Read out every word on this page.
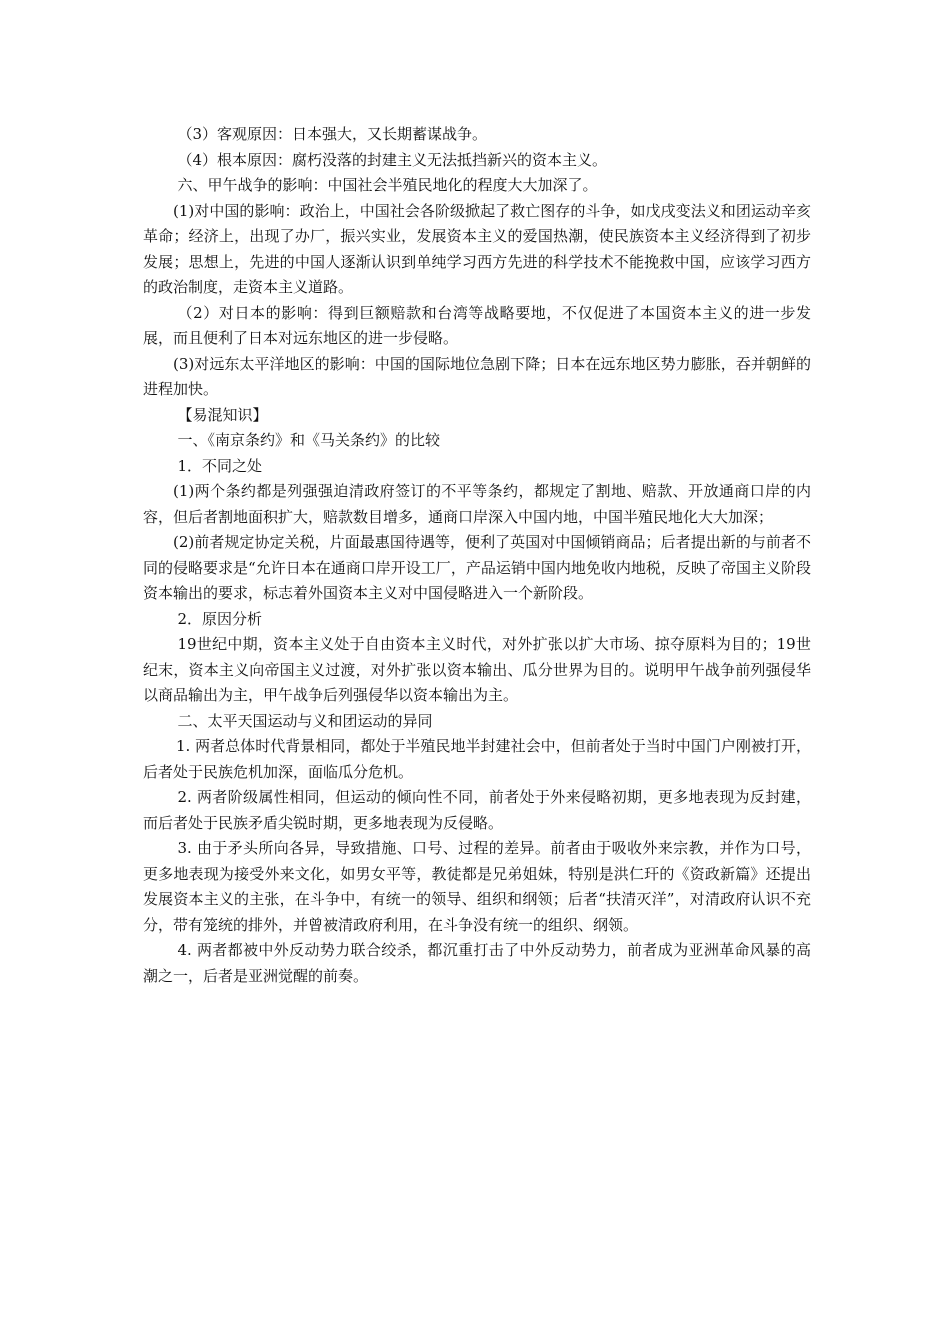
（3）客观原因：日本强大，又长期蓄谋战争。

（4）根本原因：腐朽没落的封建主义无法抵挡新兴的资本主义。

六、甲午战争的影响：中国社会半殖民地化的程度大大加深了。

(1)对中国的影响：政治上，中国社会各阶级掀起了救亡图存的斗争，如戊戌变法义和团运动辛亥革命；经济上，出现了办厂，振兴实业，发展资本主义的爱国热潮，使民族资本主义经济得到了初步发展；思想上，先进的中国人逐渐认识到单纯学习西方先进的科学技术不能挽救中国，应该学习西方的政治制度，走资本主义道路。

（2）对日本的影响：得到巨额赔款和台湾等战略要地，不仅促进了本国资本主义的进一步发展，而且便利了日本对远东地区的进一步侵略。

(3)对远东太平洋地区的影响：中国的国际地位急剧下降；日本在远东地区势力膨胀，吞并朝鲜的进程加快。

【易混知识】

一、《南京条约》和《马关条约》的比较

1．不同之处

(1)两个条约都是列强强迫清政府签订的不平等条约，都规定了割地、赔款、开放通商口岸的内容，但后者割地面积扩大，赔款数目增多，通商口岸深入中国内地，中国半殖民地化大大加深；

(2)前者规定协定关税，片面最惠国待遇等，便利了英国对中国倾销商品；后者提出新的与前者不同的侵略要求是“允许日本在通商口岸开设工厂，产品运销中国内地免收内地税，反映了帝国主义阶段资本输出的要求，标志着外国资本主义对中国侵略进入一个新阶段。

2．原因分析

19世纪中期，资本主义处于自由资本主义时代，对外扩张以扩大市场、掠夺原料为目的；19世纪末，资本主义向帝国主义过渡，对外扩张以资本输出、瓜分世界为目的。说明甲午战争前列强侵华以商品输出为主，甲午战争后列强侵华以资本输出为主。

二、太平天国运动与义和团运动的异同

1. 两者总体时代背景相同，都处于半殖民地半封建社会中，但前者处于当时中国门户刚被打开，后者处于民族危机加深，面临瓜分危机。

2. 两者阶级属性相同，但运动的倾向性不同，前者处于外来侵略初期，更多地表现为反封建，而后者处于民族矛盾尖锐时期，更多地表现为反侵略。

3. 由于矛头所向各异，导致措施、口号、过程的差异。前者由于吸收外来宗教，并作为口号，更多地表现为接受外来文化，如男女平等，教徒都是兄弟姐妹，特别是洪仁玕的《资政新篇》还提出发展资本主义的主张，在斗争中，有统一的领导、组织和纲领；后者“扶清灭洋”，对清政府认识不充分，带有笼统的排外，并曾被清政府利用，在斗争没有统一的组织、纲领。

4. 两者都被中外反动势力联合绞杀，都沉重打击了中外反动势力，前者成为亚洲革命风暴的高潮之一，后者是亚洲觉醒的前奏。
